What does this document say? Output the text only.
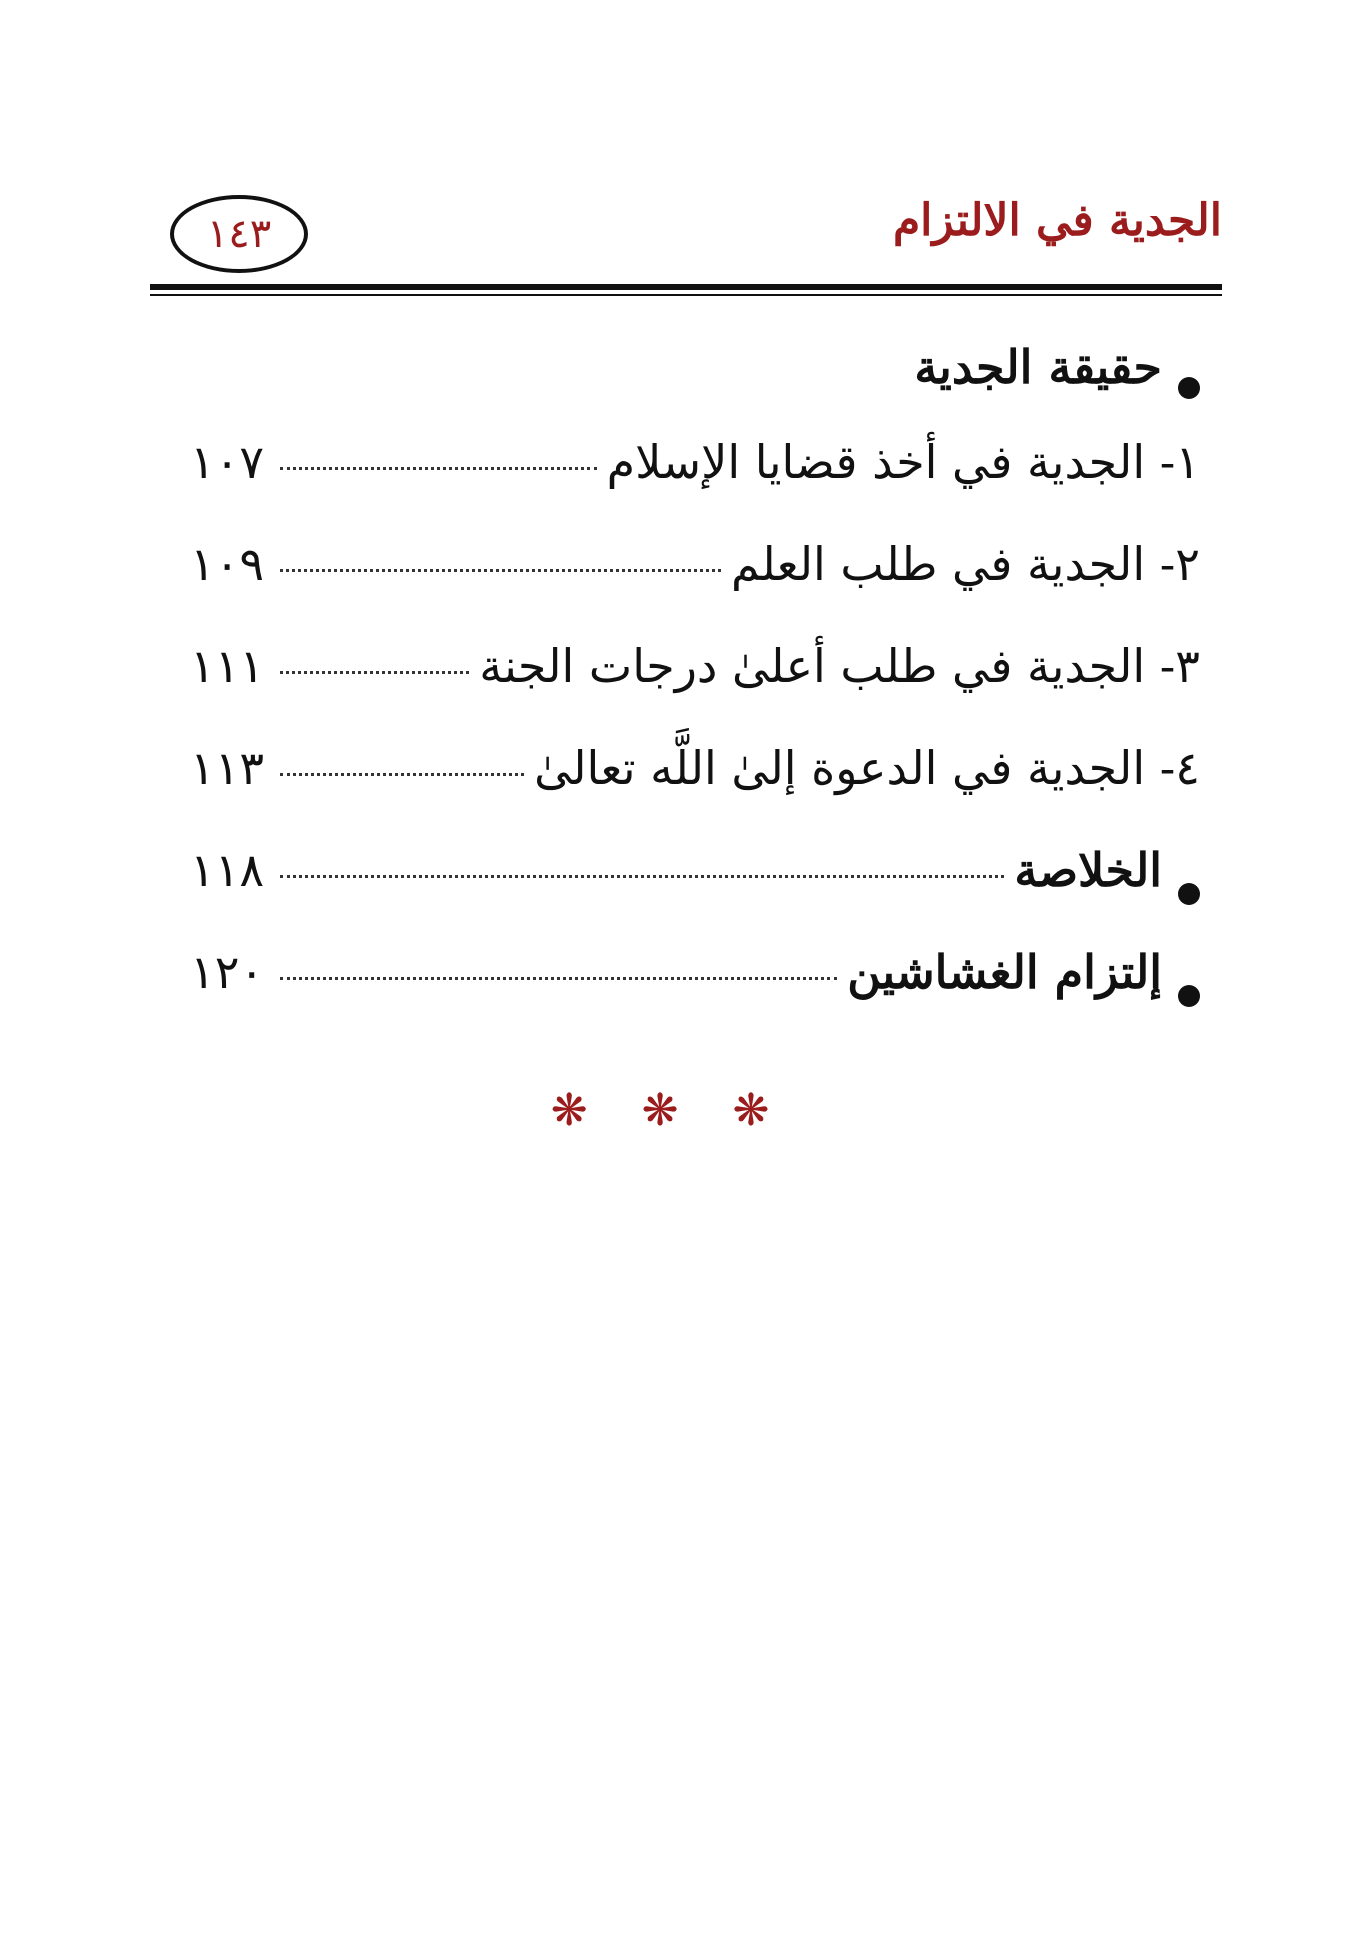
الجدية في الالتزام
١٤٣
حقيقة الجدية
١- الجدية في أخذ قضايا الإسلام
١٠٧
٢- الجدية في طلب العلم
١٠٩
٣- الجدية في طلب أعلىٰ درجات الجنة
١١١
٤- الجدية في الدعوة إلىٰ اللَّه تعالىٰ
١١٣
الخلاصة
١١٨
إلتزام الغشاشين
١٢٠
❋ ❋ ❋
